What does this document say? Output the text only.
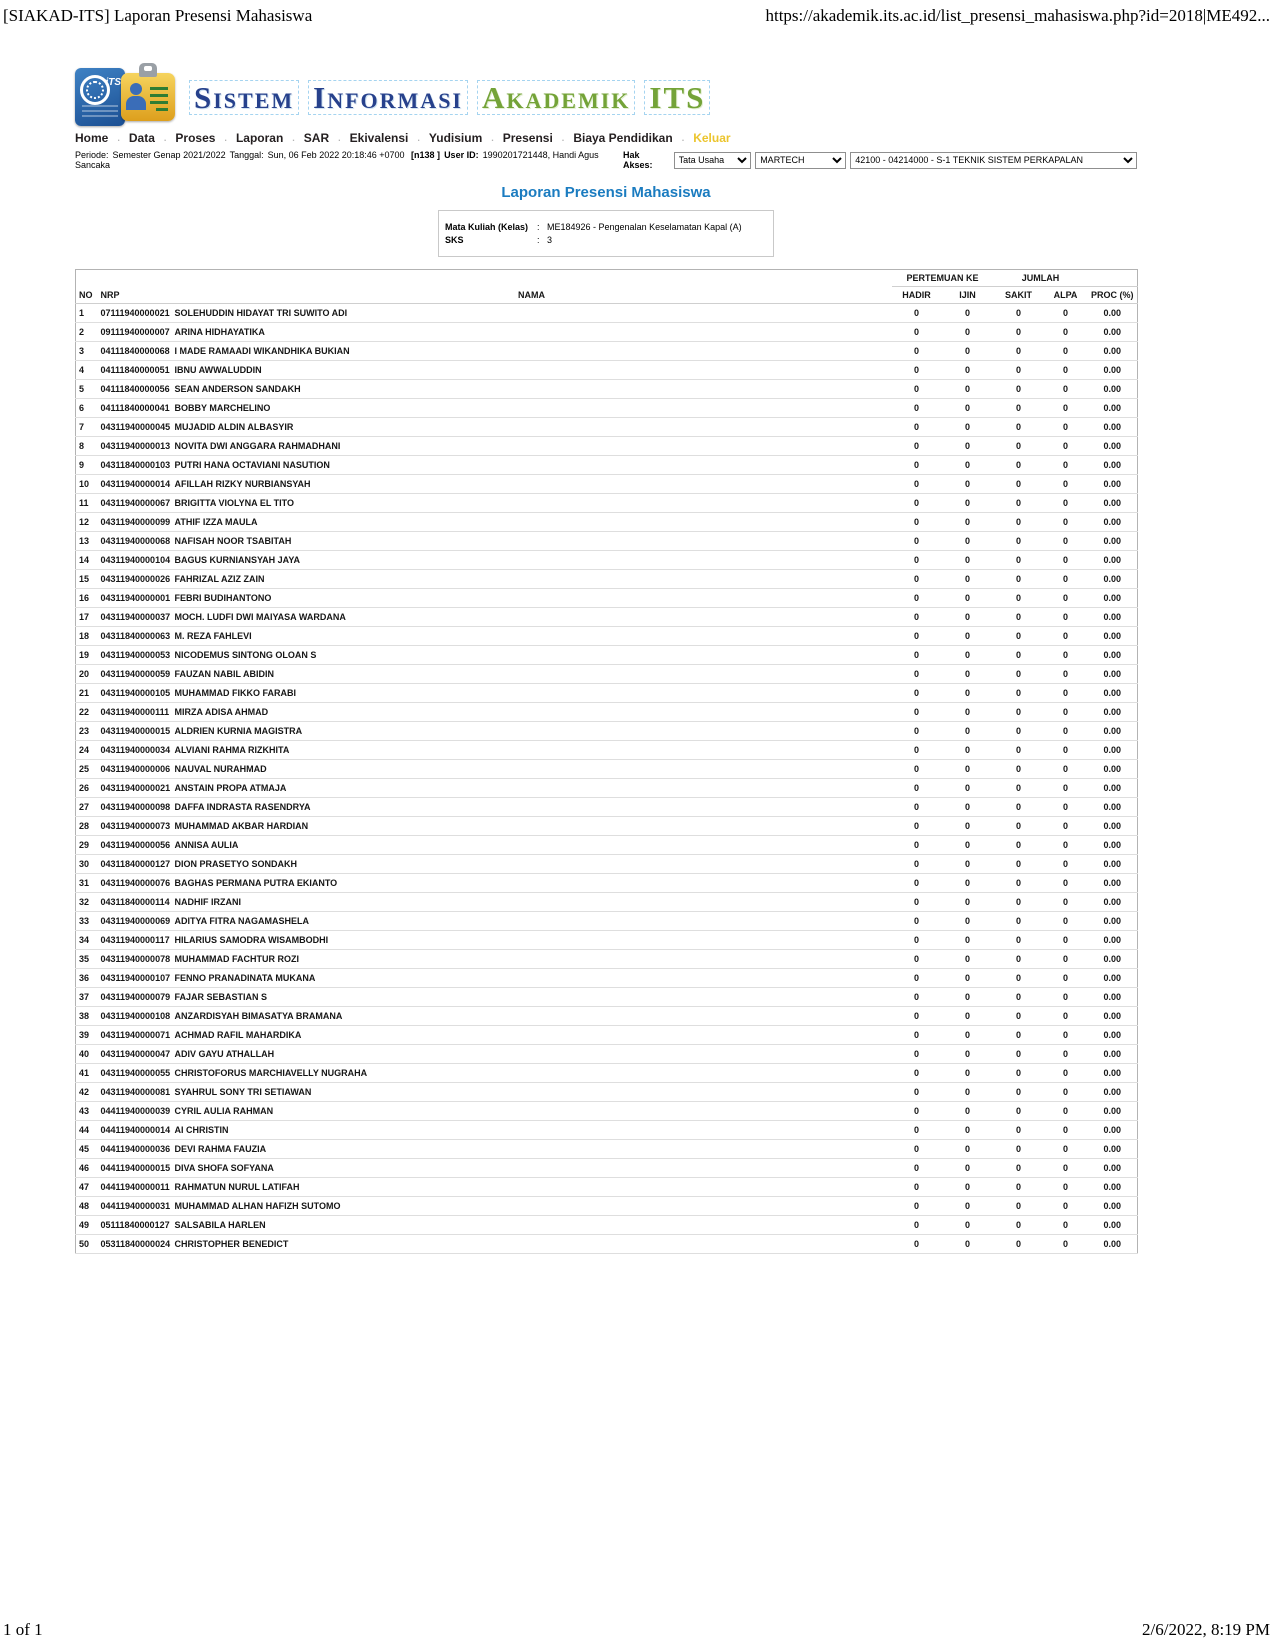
[SIAKAD-ITS] Laporan Presensi Mahasiswa	https://akademik.its.ac.id/list_presensi_mahasiswa.php?id=2018|ME492...
iTS Sistem Informasi Akademik ITS
Home . Data . Proses . Laporan . SAR . Ekivalensi . Yudisium . Presensi . Biaya Pendidikan . Keluar
Periode: Semester Genap 2021/2022 Tanggal: Sun, 06 Feb 2022 20:18:46 +0700 [n138 ] User ID: 1990201721448, Handi Agus Sancaka
Hak Akses:
Tata Usaha
MARTECH
42100 - 04214000 - S-1 TEKNIK SISTEM PERKAPALAN
Laporan Presensi Mahasiswa
Mata Kuliah (Kelas) : ME184926 - Pengenalan Keselamatan Kapal (A)
SKS	: 3
NO	NRP	NAMA	PERTEMUAN KE		JUMLAH		
			HADIR	IJIN	SAKIT	ALPA	PROC (%)
1	07111940000021	SOLEHUDDIN HIDAYAT TRI SUWITO ADI	0	0	0	0	0.00
2	09111940000007	ARINA HIDHAYATIKA	0	0	0	0	0.00
3	04111840000068	I MADE RAMAADI WIKANDHIKA BUKIAN	0	0	0	0	0.00
4	04111840000051	IBNU AWWALUDDIN	0	0	0	0	0.00
5	04111840000056	SEAN ANDERSON SANDAKH	0	0	0	0	0.00
6	04111840000041	BOBBY MARCHELINO	0	0	0	0	0.00
7	04311940000045	MUJADID ALDIN ALBASYIR	0	0	0	0	0.00
8	04311940000013	NOVITA DWI ANGGARA RAHMADHANI	0	0	0	0	0.00
9	04311840000103	PUTRI HANA OCTAVIANI NASUTION	0	0	0	0	0.00
10	04311940000014	AFILLAH RIZKY NURBIANSYAH	0	0	0	0	0.00
11	04311940000067	BRIGITTA VIOLYNA EL TITO	0	0	0	0	0.00
12	04311940000099	ATHIF IZZA MAULA	0	0	0	0	0.00
13	04311940000068	NAFISAH NOOR TSABITAH	0	0	0	0	0.00
14	04311940000104	BAGUS KURNIANSYAH JAYA	0	0	0	0	0.00
15	04311940000026	FAHRIZAL AZIZ ZAIN	0	0	0	0	0.00
16	04311940000001	FEBRI BUDIHANTONO	0	0	0	0	0.00
17	04311940000037	MOCH. LUDFI DWI MAIYASA WARDANA	0	0	0	0	0.00
18	04311840000063	M. REZA FAHLEVI	0	0	0	0	0.00
19	04311940000053	NICODEMUS SINTONG OLOAN S	0	0	0	0	0.00
20	04311940000059	FAUZAN NABIL ABIDIN	0	0	0	0	0.00
21	04311940000105	MUHAMMAD FIKKO FARABI	0	0	0	0	0.00
22	04311940000111	MIRZA ADISA AHMAD	0	0	0	0	0.00
23	04311940000015	ALDRIEN KURNIA MAGISTRA	0	0	0	0	0.00
24	04311940000034	ALVIANI RAHMA RIZKHITA	0	0	0	0	0.00
25	04311940000006	NAUVAL NURAHMAD	0	0	0	0	0.00
26	04311940000021	ANSTAIN PROPA ATMAJA	0	0	0	0	0.00
27	04311940000098	DAFFA INDRASTA RASENDRYA	0	0	0	0	0.00
28	04311940000073	MUHAMMAD AKBAR HARDIAN	0	0	0	0	0.00
29	04311940000056	ANNISA AULIA	0	0	0	0	0.00
30	04311840000127	DION PRASETYO SONDAKH	0	0	0	0	0.00
31	04311940000076	BAGHAS PERMANA PUTRA EKIANTO	0	0	0	0	0.00
32	04311840000114	NADHIF IRZANI	0	0	0	0	0.00
33	04311940000069	ADITYA FITRA NAGAMASHELA	0	0	0	0	0.00
34	04311940000117	HILARIUS SAMODRA WISAMBODHI	0	0	0	0	0.00
35	04311940000078	MUHAMMAD FACHTUR ROZI	0	0	0	0	0.00
36	04311940000107	FENNO PRANADINATA MUKANA	0	0	0	0	0.00
37	04311940000079	FAJAR SEBASTIAN S	0	0	0	0	0.00
38	04311940000108	ANZARDISYAH BIMASATYA BRAMANA	0	0	0	0	0.00
39	04311940000071	ACHMAD RAFIL MAHARDIKA	0	0	0	0	0.00
40	04311940000047	ADIV GAYU ATHALLAH	0	0	0	0	0.00
41	04311940000055	CHRISTOFORUS MARCHIAVELLY NUGRAHA	0	0	0	0	0.00
42	04311940000081	SYAHRUL SONY TRI SETIAWAN	0	0	0	0	0.00
43	04411940000039	CYRIL AULIA RAHMAN	0	0	0	0	0.00
44	04411940000014	AI CHRISTIN	0	0	0	0	0.00
45	04411940000036	DEVI RAHMA FAUZIA	0	0	0	0	0.00
46	04411940000015	DIVA SHOFA SOFYANA	0	0	0	0	0.00
47	04411940000011	RAHMATUN NURUL LATIFAH	0	0	0	0	0.00
48	04411940000031	MUHAMMAD ALHAN HAFIZH SUTOMO	0	0	0	0	0.00
49	05111840000127	SALSABILA HARLEN	0	0	0	0	0.00
50	05311840000024	CHRISTOPHER BENEDICT	0	0	0	0	0.00
1 of 1	2/6/2022, 8:19 PM
